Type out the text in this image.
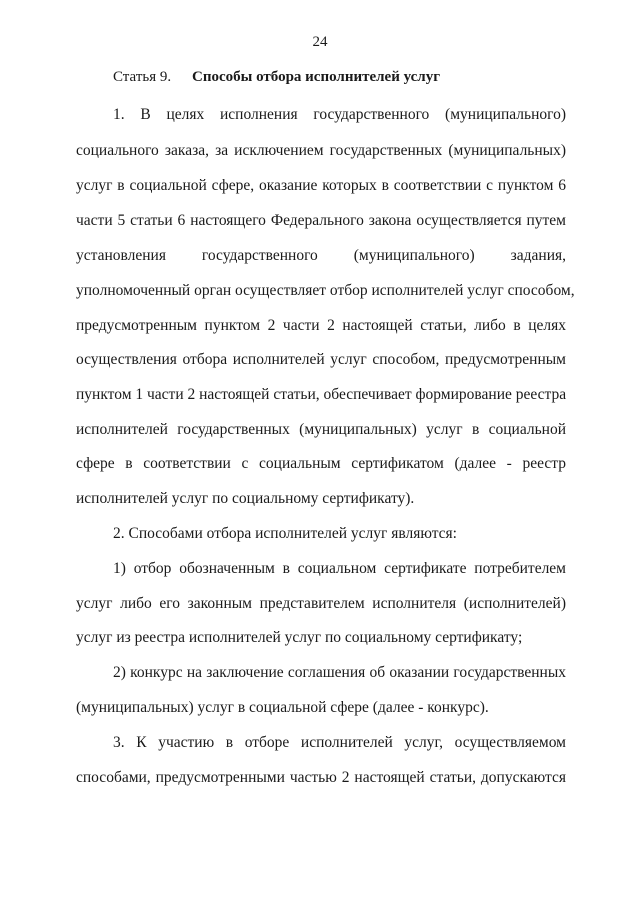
24
Статья 9. Способы отбора исполнителей услуг
1. В целях исполнения государственного (муниципального)
социального заказа, за исключением государственных (муниципальных)
услуг в социальной сфере, оказание которых в соответствии с пунктом 6
части 5 статьи 6 настоящего Федерального закона осуществляется путем
установления государственного (муниципального) задания,
уполномоченный орган осуществляет отбор исполнителей услуг способом,
предусмотренным пунктом 2 части 2 настоящей статьи, либо в целях
осуществления отбора исполнителей услуг способом, предусмотренным
пунктом 1 части 2 настоящей статьи, обеспечивает формирование реестра
исполнителей государственных (муниципальных) услуг в социальной
сфере в соответствии с социальным сертификатом (далее - реестр
исполнителей услуг по социальному сертификату).
2. Способами отбора исполнителей услуг являются:
1) отбор обозначенным в социальном сертификате потребителем
услуг либо его законным представителем исполнителя (исполнителей)
услуг из реестра исполнителей услуг по социальному сертификату;
2) конкурс на заключение соглашения об оказании государственных
(муниципальных) услуг в социальной сфере (далее - конкурс).
3. К участию в отборе исполнителей услуг, осуществляемом
способами, предусмотренными частью 2 настоящей статьи, допускаются
